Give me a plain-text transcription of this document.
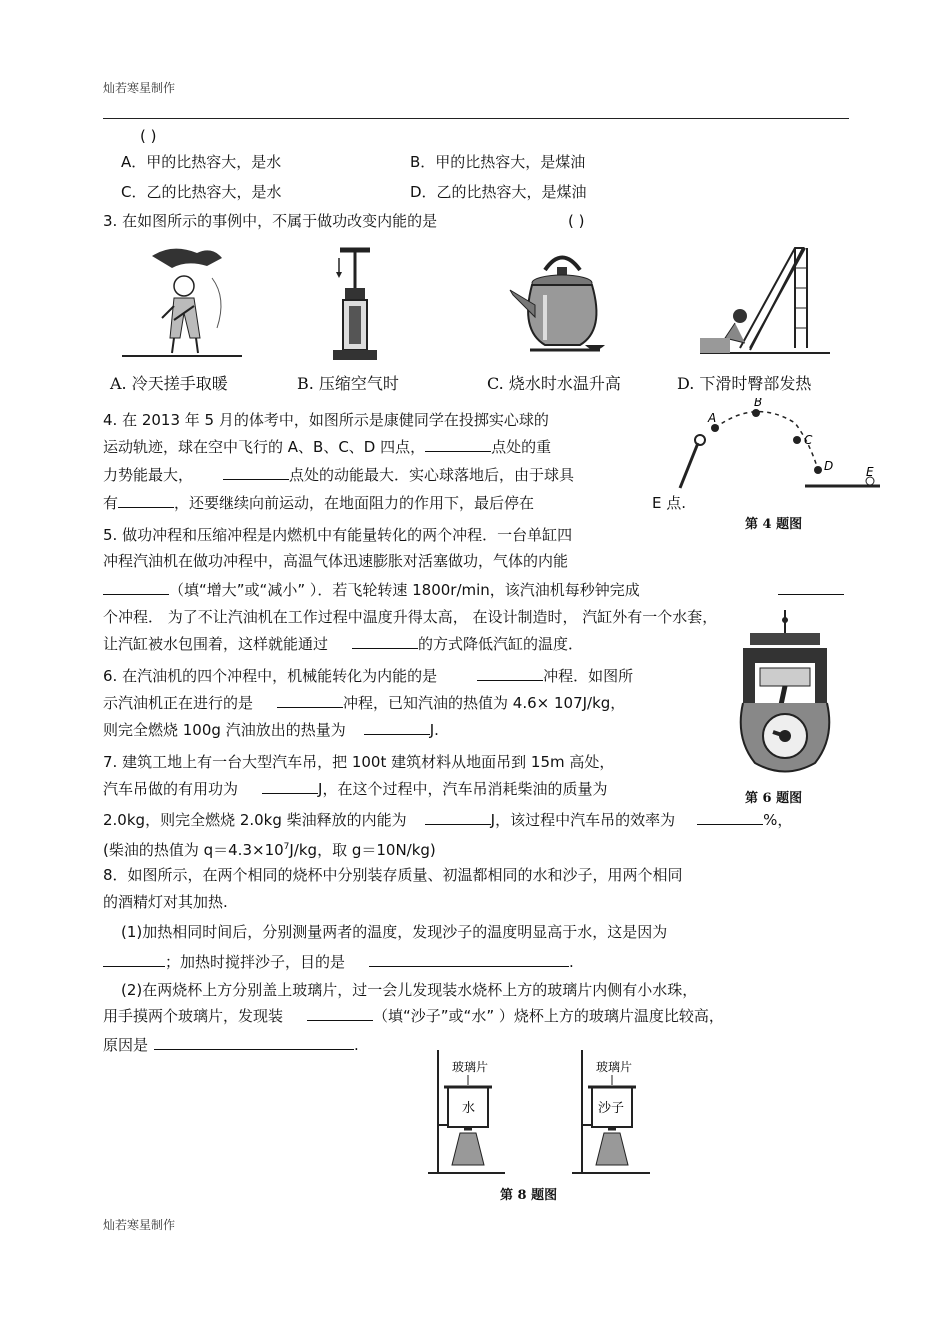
灿若寒星制作
灿若寒星制作
( )
A．甲的比热容大，是水	B．甲的比热容大，是煤油
C．乙的比热容大，是水	D．乙的比热容大，是煤油
3. 在如图所示的事例中，不属于做功改变内能的是	( )
A. 冷天搓手取暖	B. 压缩空气时	C. 烧水时水温升高	D. 下滑时臀部发热
4. 在 2013 年 5 月的体考中，如图所示是康健同学在投掷实心球的
运动轨迹，球在空中飞行的 A、B、C、D 四点，	点处的重
力势能最大，	点处的动能最大．实心球落地后，由于球具
有	，还要继续向前运动，在地面阻力的作用下，最后停在	E 点.
A
B
C
D	E
第 4 题图
5. 做功冲程和压缩冲程是内燃机中有能量转化的两个冲程．一台单缸四
冲程汽油机在做功冲程中，高温气体迅速膨胀对活塞做功，气体的内能
（填“增大”或“减小” ）．若飞轮转速 1800r/min，该汽油机每秒钟完成
个冲程． 为了不让汽油机在工作过程中温度升得太高， 在设计制造时， 汽缸外有一个水套，
让汽缸被水包围着，这样就能通过	的方式降低汽缸的温度．
6. 在汽油机的四个冲程中，机械能转化为内能的是	冲程．如图所
示汽油机正在进行的是	冲程，已知汽油的热值为 4.6× 107J/kg，
则完全燃烧 100g 汽油放出的热量为	J.
第 6 题图
7. 建筑工地上有一台大型汽车吊，把 100t 建筑材料从地面吊到 15m 高处，
汽车吊做的有用功为	J，在这个过程中，汽车吊消耗柴油的质量为
2.0kg，则完全燃烧 2.0kg 柴油释放的内能为	J，该过程中汽车吊的效率为	%，
(柴油的热值为 $q=4.3\times 10^7J/kg$，取 g＝10N/kg)
8．如图所示，在两个相同的烧杯中分别装存质量、初温都相同的水和沙子，用两个相同
的酒精灯对其加热.
(1)加热相同时间后，分别测量两者的温度，发现沙子的温度明显高于水，这是因为
；加热时搅拌沙子，目的是	.
(2)在两烧杯上方分别盖上玻璃片，过一会儿发现装水烧杯上方的玻璃片内侧有小水珠，
用手摸两个玻璃片，发现装	（填“沙子”或“水” ）烧杯上方的玻璃片温度比较高，
原因是	.
玻璃片
水
玻璃片
沙子
第 8 题图
